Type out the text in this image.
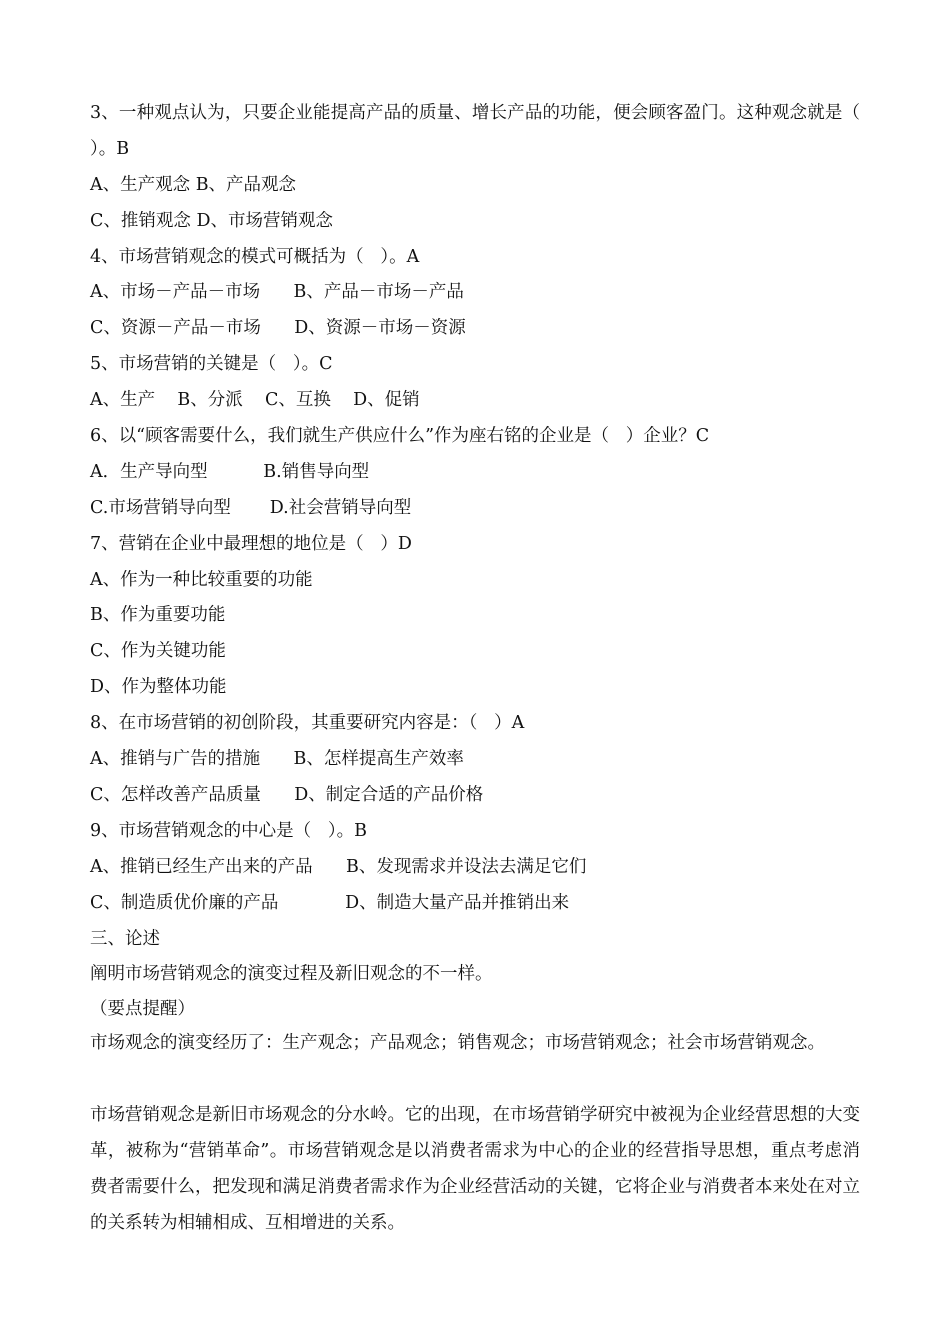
3、一种观点认为，只要企业能提高产品的质量、增长产品的功能，便会顾客盈门。这种观念就是（ ）。B
A、生产观念 B、产品观念
C、推销观念 D、市场营销观念
4、市场营销观念的模式可概括为（   ）。A
A、市场－产品－市场      B、产品－市场－产品
C、资源－产品－市场      D、资源－市场－资源
5、市场营销的关键是（   ）。C
A、生产    B、分派    C、互换    D、促销
6、以“顾客需要什么，我们就生产供应什么”作为座右铭的企业是（   ）企业？C
A．生产导向型          B.销售导向型
C.市场营销导向型       D.社会营销导向型
7、营销在企业中最理想的地位是（   ）D
A、作为一种比较重要的功能
B、作为重要功能
C、作为关键功能
D、作为整体功能
8、在市场营销的初创阶段，其重要研究内容是：（   ）A
A、推销与广告的措施      B、怎样提高生产效率
C、怎样改善产品质量      D、制定合适的产品价格
9、市场营销观念的中心是（   ）。B
A、推销已经生产出来的产品      B、发现需求并设法去满足它们
C、制造质优价廉的产品            D、制造大量产品并推销出来
三、论述
阐明市场营销观念的演变过程及新旧观念的不一样。
（要点提醒）
市场观念的演变经历了：生产观念；产品观念；销售观念；市场营销观念；社会市场营销观念。
市场营销观念是新旧市场观念的分水岭。它的出现，在市场营销学研究中被视为企业经营思想的大变革，被称为“营销革命”。市场营销观念是以消费者需求为中心的企业的经营指导思想，重点考虑消费者需要什么，把发现和满足消费者需求作为企业经营活动的关键，它将企业与消费者本来处在对立的关系转为相辅相成、互相增进的关系。
